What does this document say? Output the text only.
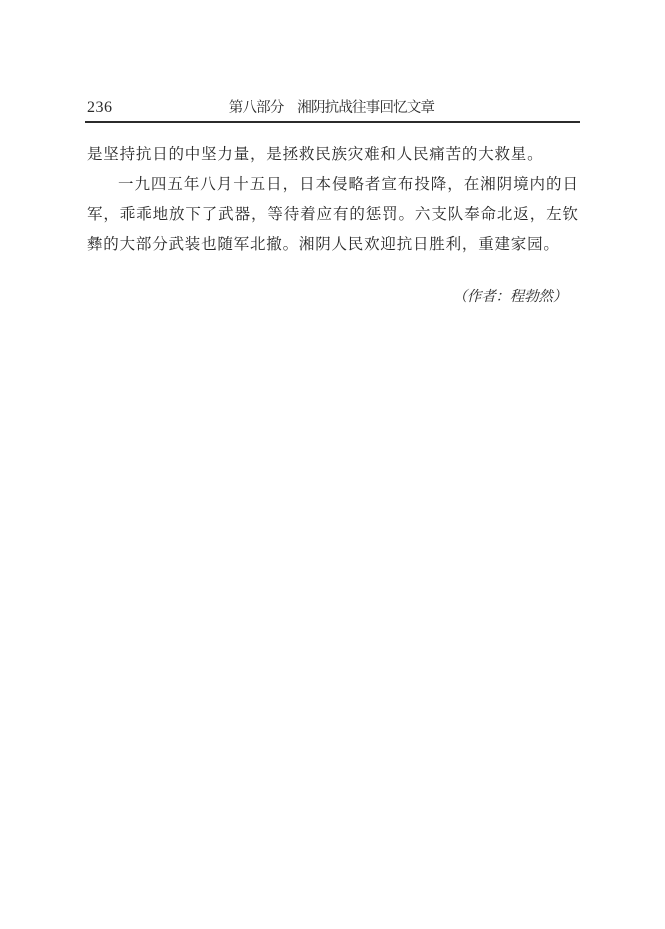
236	第八部分　湘阴抗战往事回忆文章
是坚持抗日的中坚力量，是拯救民族灾难和人民痛苦的大救星。
一九四五年八月十五日，日本侵略者宣布投降，在湘阴境内的日
军，乖乖地放下了武器，等待着应有的惩罚。六支队奉命北返，左钦
彝的大部分武装也随军北撤。湘阴人民欢迎抗日胜利，重建家园。
（作者：程勃然）
